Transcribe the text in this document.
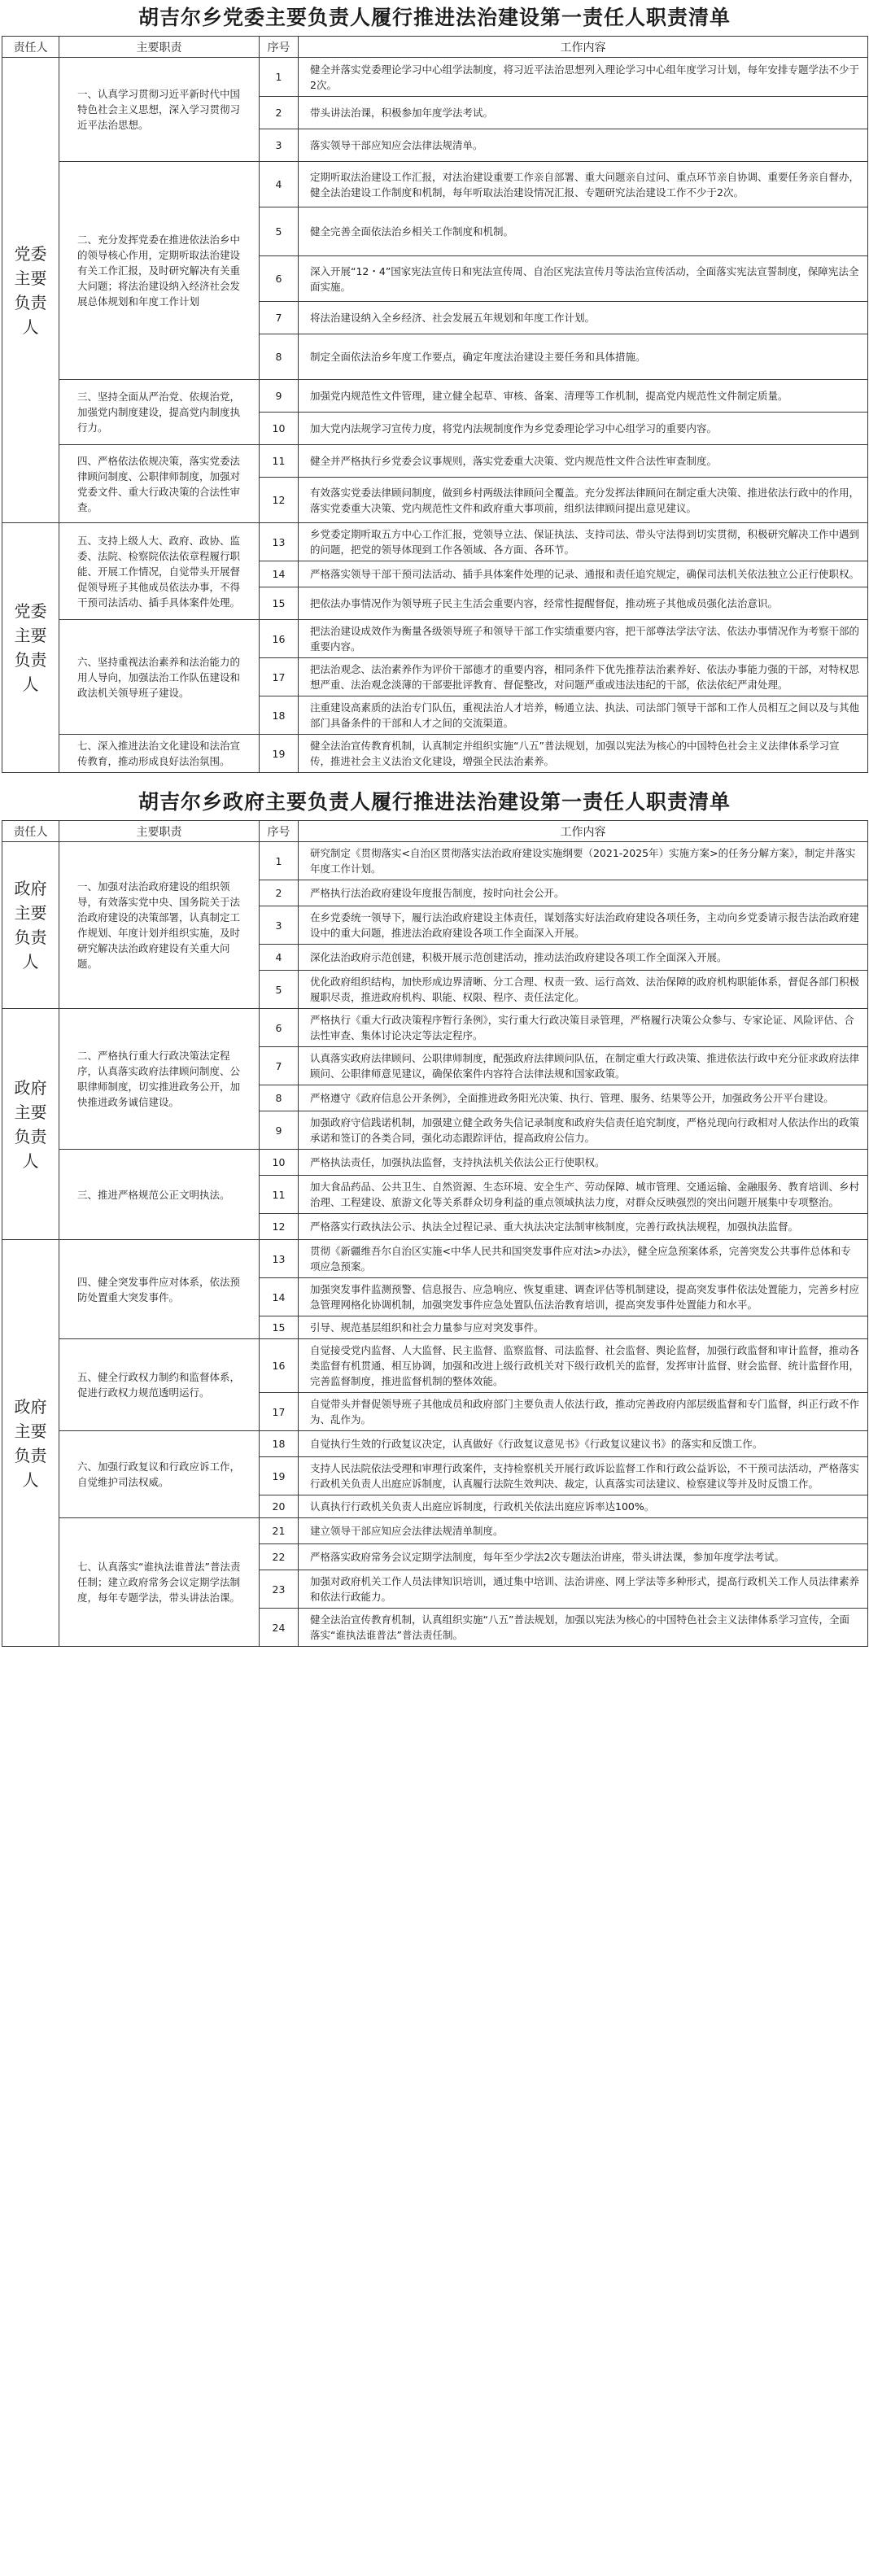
胡吉尔乡党委主要负责人履行推进法治建设第一责任人职责清单
责任人	主要职责	序号	工作内容
党委主要负责人	一、认真学习贯彻习近平新时代中国特色社会主义思想，深入学习贯彻习近平法治思想。	1	健全并落实党委理论学习中心组学法制度，将习近平法治思想列入理论学习中心组年度学习计划，每年安排专题学法不少于2次。
		2	带头讲法治课，积极参加年度学法考试。
		3	落实领导干部应知应会法律法规清单。
	二、充分发挥党委在推进依法治乡中的领导核心作用，定期听取法治建设有关工作汇报，及时研究解决有关重大问题；将法治建设纳入经济社会发展总体规划和年度工作计划	4	定期听取法治建设工作汇报，对法治建设重要工作亲自部署、重大问题亲自过问、重点环节亲自协调、重要任务亲自督办，健全法治建设工作制度和机制，每年听取法治建设情况汇报、专题研究法治建设工作不少于2次。
		5	健全完善全面依法治乡相关工作制度和机制。
		6	深入开展“12・4”国家宪法宣传日和宪法宣传周、自治区宪法宣传月等法治宣传活动，全面落实宪法宣誓制度，保障宪法全面实施。
		7	将法治建设纳入全乡经济、社会发展五年规划和年度工作计划。
		8	制定全面依法治乡年度工作要点，确定年度法治建设主要任务和具体措施。
	三、坚持全面从严治党、依规治党，加强党内制度建设，提高党内制度执行力。	9	加强党内规范性文件管理，建立健全起草、审核、备案、清理等工作机制，提高党内规范性文件制定质量。
		10	加大党内法规学习宣传力度，将党内法规制度作为乡党委理论学习中心组学习的重要内容。
	四、严格依法依规决策，落实党委法律顾问制度、公职律师制度，加强对党委文件、重大行政决策的合法性审查。	11	健全并严格执行乡党委会议事规则，落实党委重大决策、党内规范性文件合法性审查制度。
		12	有效落实党委法律顾问制度，做到乡村两级法律顾问全覆盖。充分发挥法律顾问在制定重大决策、推进依法行政中的作用，落实党委重大决策、党内规范性文件和政府重大事项前，组织法律顾问提出意见建议。
党委主要负责人	五、支持上级人大、政府、政协、监委、法院、检察院依法依章程履行职能、开展工作情况，自觉带头开展督促领导班子其他成员依法办事，不得干预司法活动、插手具体案件处理。	13	乡党委定期听取五方中心工作汇报，党领导立法、保证执法、支持司法、带头守法得到切实贯彻，积极研究解决工作中遇到的问题，把党的领导体现到工作各领域、各方面、各环节。
		14	严格落实领导干部干预司法活动、插手具体案件处理的记录、通报和责任追究规定，确保司法机关依法独立公正行使职权。
		15	把依法办事情况作为领导班子民主生活会重要内容，经常性提醒督促，推动班子其他成员强化法治意识。
	六、坚持重视法治素养和法治能力的用人导向，加强法治工作队伍建设和政法机关领导班子建设。	16	把法治建设成效作为衡量各级领导班子和领导干部工作实绩重要内容，把干部尊法学法守法、依法办事情况作为考察干部的重要内容。
		17	把法治观念、法治素养作为评价干部德才的重要内容，相同条件下优先推荐法治素养好、依法办事能力强的干部，对特权思想严重、法治观念淡薄的干部要批评教育、督促整改，对问题严重或违法违纪的干部，依法依纪严肃处理。
		18	注重建设高素质的法治专门队伍，重视法治人才培养，畅通立法、执法、司法部门领导干部和工作人员相互之间以及与其他部门具备条件的干部和人才之间的交流渠道。
	七、深入推进法治文化建设和法治宣传教育，推动形成良好法治氛围。	19	健全法治宣传教育机制，认真制定并组织实施“八五”普法规划，加强以宪法为核心的中国特色社会主义法律体系学习宣传，推进社会主义法治文化建设，增强全民法治素养。
胡吉尔乡政府主要负责人履行推进法治建设第一责任人职责清单
责任人	主要职责	序号	工作内容
政府主要负责人	一、加强对法治政府建设的组织领导，有效落实党中央、国务院关于法治政府建设的决策部署，认真制定工作规划、年度计划并组织实施，及时研究解决法治政府建设有关重大问题。	1	研究制定《贯彻落实<自治区贯彻落实法治政府建设实施纲要（2021-2025年）实施方案>的任务分解方案》，制定并落实年度工作计划。
		2	严格执行法治政府建设年度报告制度，按时向社会公开。
		3	在乡党委统一领导下，履行法治政府建设主体责任，谋划落实好法治政府建设各项任务，主动向乡党委请示报告法治政府建设中的重大问题，推进法治政府建设各项工作全面深入开展。
		4	深化法治政府示范创建，积极开展示范创建活动，推动法治政府建设各项工作全面深入开展。
		5	优化政府组织结构，加快形成边界清晰、分工合理、权责一致、运行高效、法治保障的政府机构职能体系，督促各部门积极履职尽责，推进政府机构、职能、权限、程序、责任法定化。
政府主要负责人	二、严格执行重大行政决策法定程序，认真落实政府法律顾问制度、公职律师制度，切实推进政务公开，加快推进政务诚信建设。	6	严格执行《重大行政决策程序暂行条例》，实行重大行政决策目录管理，严格履行决策公众参与、专家论证、风险评估、合法性审查、集体讨论决定等法定程序。
		7	认真落实政府法律顾问、公职律师制度，配强政府法律顾问队伍，在制定重大行政决策、推进依法行政中充分征求政府法律顾问、公职律师意见建议，确保依案件内容符合法律法规和国家政策。
		8	严格遵守《政府信息公开条例》，全面推进政务阳光决策、执行、管理、服务、结果等公开，加强政务公开平台建设。
		9	加强政府守信践诺机制，加强建立健全政务失信记录制度和政府失信责任追究制度，严格兑现向行政相对人依法作出的政策承诺和签订的各类合同，强化动态跟踪评估，提高政府公信力。
	三、推进严格规范公正文明执法。	10	严格执法责任，加强执法监督，支持执法机关依法公正行使职权。
		11	加大食品药品、公共卫生、自然资源、生态环境、安全生产、劳动保障、城市管理、交通运输、金融服务、教育培训、乡村治理、工程建设、旅游文化等关系群众切身利益的重点领域执法力度，对群众反映强烈的突出问题开展集中专项整治。
		12	严格落实行政执法公示、执法全过程记录、重大执法决定法制审核制度，完善行政执法规程，加强执法监督。
政府主要负责人	四、健全突发事件应对体系，依法预防处置重大突发事件。	13	贯彻《新疆维吾尔自治区实施<中华人民共和国突发事件应对法>办法》，健全应急预案体系，完善突发公共事件总体和专项应急预案。
		14	加强突发事件监测预警、信息报告、应急响应、恢复重建、调查评估等机制建设，提高突发事件依法处置能力，完善乡村应急管理网格化协调机制，加强突发事件应急处置队伍法治教育培训，提高突发事件处置能力和水平。
		15	引导、规范基层组织和社会力量参与应对突发事件。
	五、健全行政权力制约和监督体系，促进行政权力规范透明运行。	16	自觉接受党内监督、人大监督、民主监督、监察监督、司法监督、社会监督、舆论监督，加强行政监督和审计监督，推动各类监督有机贯通、相互协调，加强和改进上级行政机关对下级行政机关的监督，发挥审计监督、财会监督、统计监督作用，完善监督制度，推进监督机制的整体效能。
		17	自觉带头并督促领导班子其他成员和政府部门主要负责人依法行政，推动完善政府内部层级监督和专门监督，纠正行政不作为、乱作为。
	六、加强行政复议和行政应诉工作，自觉维护司法权威。	18	自觉执行生效的行政复议决定，认真做好《行政复议意见书》《行政复议建议书》的落实和反馈工作。
		19	支持人民法院依法受理和审理行政案件，支持检察机关开展行政诉讼监督工作和行政公益诉讼，不干预司法活动，严格落实行政机关负责人出庭应诉制度，认真履行法院生效判决、裁定，认真落实司法建议、检察建议等并及时反馈工作。
		20	认真执行行政机关负责人出庭应诉制度，行政机关依法出庭应诉率达100%。
	七、认真落实“谁执法谁普法”普法责任制；建立政府常务会议定期学法制度，每年专题学法，带头讲法治课。	21	建立领导干部应知应会法律法规清单制度。
		22	严格落实政府常务会议定期学法制度，每年至少学法2次专题法治讲座，带头讲法课，参加年度学法考试。
		23	加强对政府机关工作人员法律知识培训，通过集中培训、法治讲座、网上学法等多种形式，提高行政机关工作人员法律素养和依法行政能力。
		24	健全法治宣传教育机制，认真组织实施“八五”普法规划，加强以宪法为核心的中国特色社会主义法律体系学习宣传，全面落实“谁执法谁普法”普法责任制。
